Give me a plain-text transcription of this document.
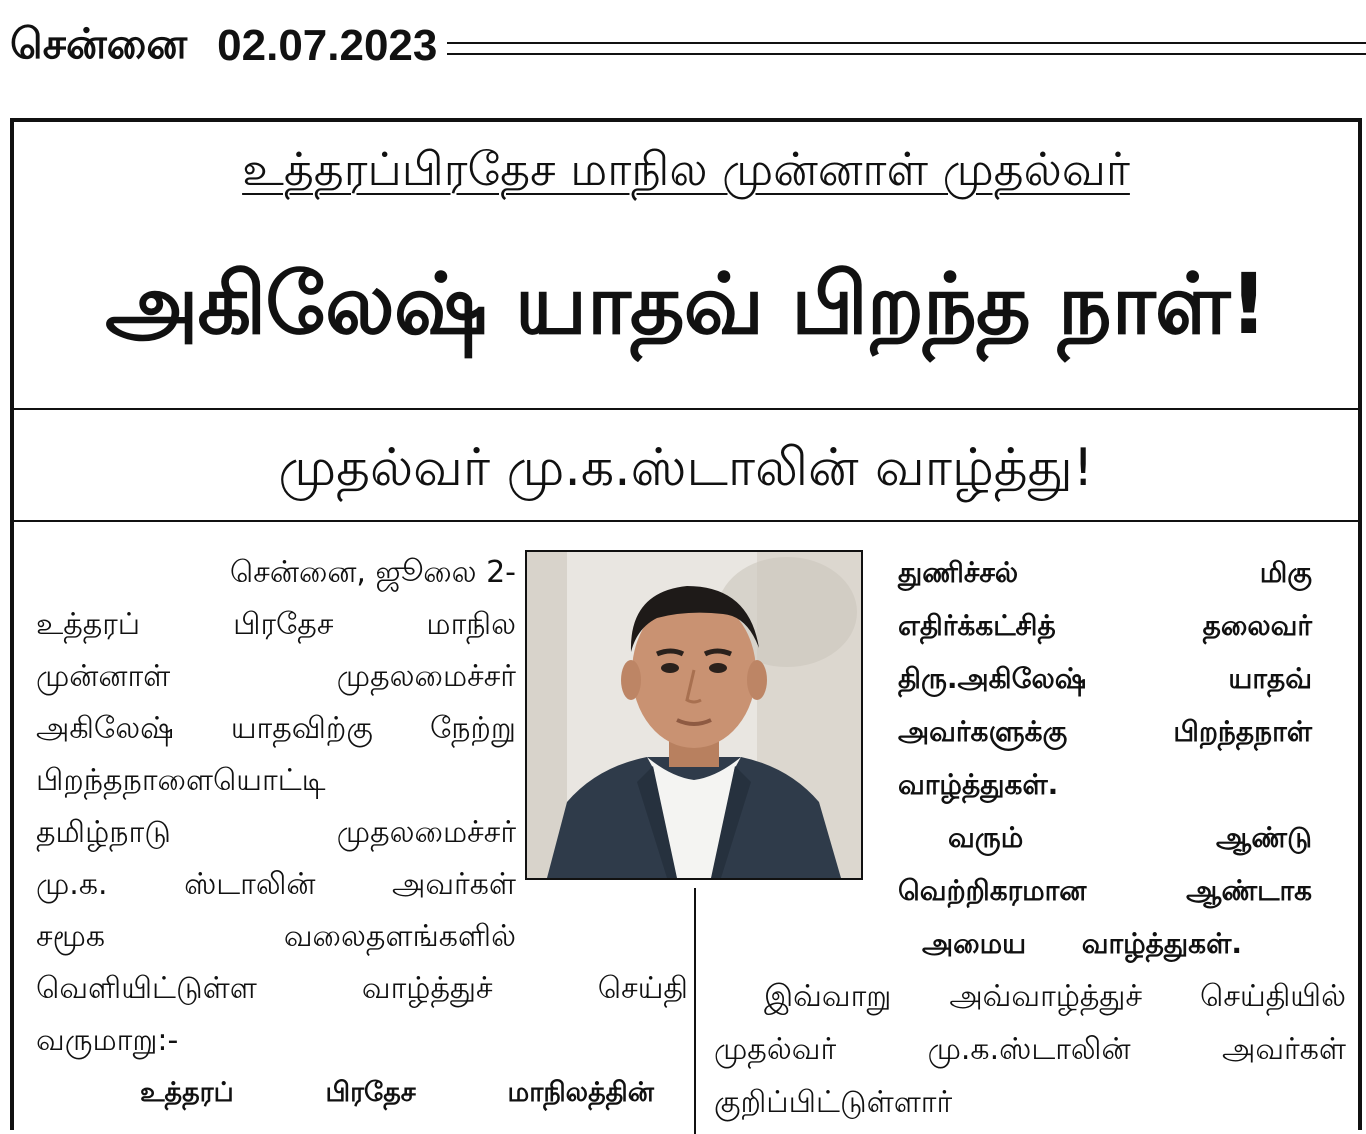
சென்னை 02.07.2023
உத்தரப்பிரதேச மாநில முன்னாள் முதல்வர்
அகிலேஷ் யாதவ் பிறந்த நாள்!
முதல்வர் மு.க.ஸ்டாலின் வாழ்த்து!
சென்னை, ஜூலை 2-
உத்தரப் பிரதேச மாநில
முன்னாள் முதலமைச்சர்
அகிலேஷ் யாதவிற்கு நேற்று
பிறந்தநாளையொட்டி
தமிழ்நாடு முதலமைச்சர்
மு.க. ஸ்டாலின் அவர்கள்
சமூக வலைதளங்களில்
வெளியிட்டுள்ள வாழ்த்துச் செய்தி
வருமாறு:-
உத்தரப் பிரதேச மாநிலத்தின்
துணிச்சல் மிகு
எதிர்க்கட்சித் தலைவர்
திரு.அகிலேஷ் யாதவ்
அவர்களுக்கு பிறந்தநாள்
வாழ்த்துகள்.
வரும் ஆண்டு
வெற்றிகரமான ஆண்டாக
அமைய வாழ்த்துகள்.
இவ்வாறு அவ்வாழ்த்துச் செய்தியில்
முதல்வர் மு.க.ஸ்டாலின் அவர்கள்
குறிப்பிட்டுள்ளார்
